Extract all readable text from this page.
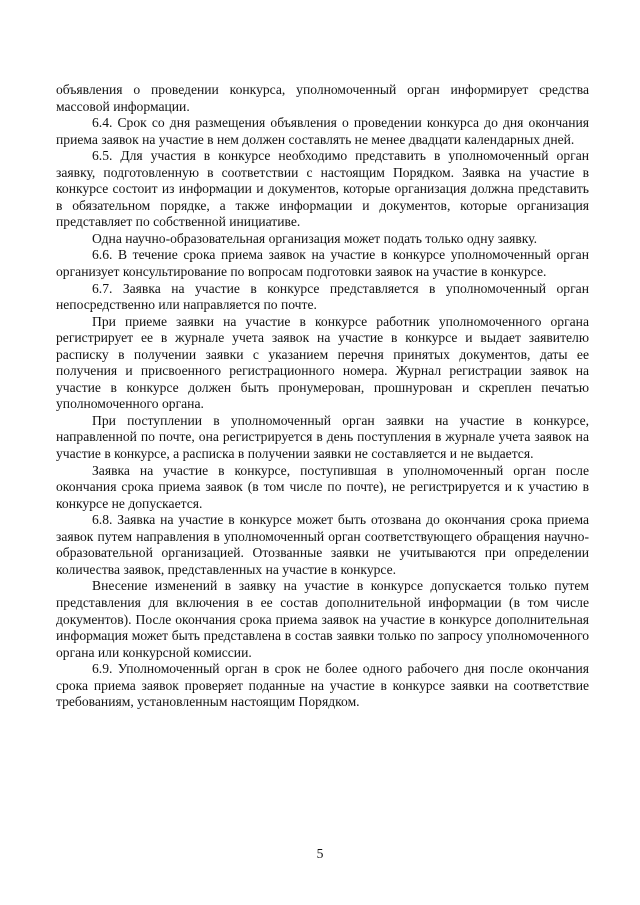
объявления о проведении конкурса, уполномоченный орган информирует средства массовой информации.

6.4. Срок со дня размещения объявления о проведении конкурса до дня окончания приема заявок на участие в нем должен составлять не менее двадцати календарных дней.

6.5. Для участия в конкурсе необходимо представить в уполномоченный орган заявку, подготовленную в соответствии с настоящим Порядком. Заявка на участие в конкурсе состоит из информации и документов, которые организация должна представить в обязательном порядке, а также информации и документов, которые организация представляет по собственной инициативе.

Одна научно-образовательная организация может подать только одну заявку.

6.6. В течение срока приема заявок на участие в конкурсе уполномоченный орган организует консультирование по вопросам подготовки заявок на участие в конкурсе.

6.7. Заявка на участие в конкурсе представляется в уполномоченный орган непосредственно или направляется по почте.

При приеме заявки на участие в конкурсе работник уполномоченного органа регистрирует ее в журнале учета заявок на участие в конкурсе и выдает заявителю расписку в получении заявки с указанием перечня принятых документов, даты ее получения и присвоенного регистрационного номера. Журнал регистрации заявок на участие в конкурсе должен быть пронумерован, прошнурован и скреплен печатью уполномоченного органа.

При поступлении в уполномоченный орган заявки на участие в конкурсе, направленной по почте, она регистрируется в день поступления в журнале учета заявок на участие в конкурсе, а расписка в получении заявки не составляется и не выдается.

Заявка на участие в конкурсе, поступившая в уполномоченный орган после окончания срока приема заявок (в том числе по почте), не регистрируется и к участию в конкурсе не допускается.

6.8. Заявка на участие в конкурсе может быть отозвана до окончания срока приема заявок путем направления в уполномоченный орган соответствующего обращения научно-образовательной организацией. Отозванные заявки не учитываются при определении количества заявок, представленных на участие в конкурсе.

Внесение изменений в заявку на участие в конкурсе допускается только путем представления для включения в ее состав дополнительной информации (в том числе документов). После окончания срока приема заявок на участие в конкурсе дополнительная информация может быть представлена в состав заявки только по запросу уполномоченного органа или конкурсной комиссии.

6.9. Уполномоченный орган в срок не более одного рабочего дня после окончания срока приема заявок проверяет поданные на участие в конкурсе заявки на соответствие требованиям, установленным настоящим Порядком.

5
